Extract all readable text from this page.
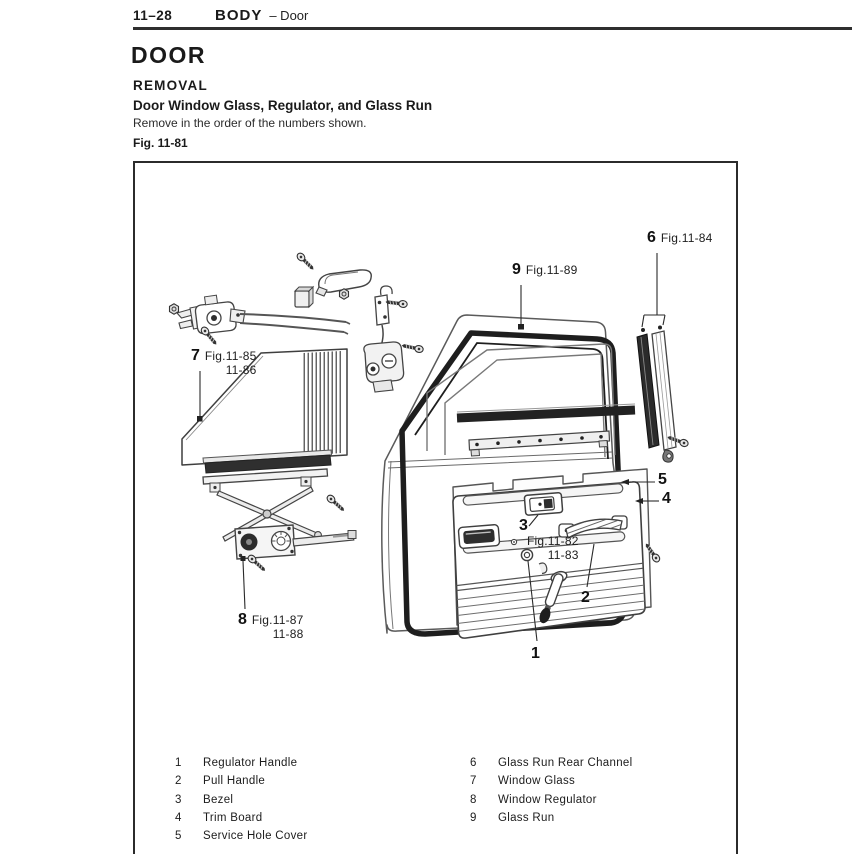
11–28	BODY – Door
DOOR
REMOVAL
Door Window Glass, Regulator, and Glass Run
Remove in the order of the numbers shown.
Fig. 11-81
6 Fig.11-84
9 Fig.11-89
7 Fig.11-85
11-86
8 Fig.11-87
11-88
5
4
3
Fig.11-82
11-83
2
1
1	Regulator Handle
2	Pull Handle
3	Bezel
4	Trim Board
5	Service Hole Cover
6	Glass Run Rear Channel
7	Window Glass
8	Window Regulator
9	Glass Run
